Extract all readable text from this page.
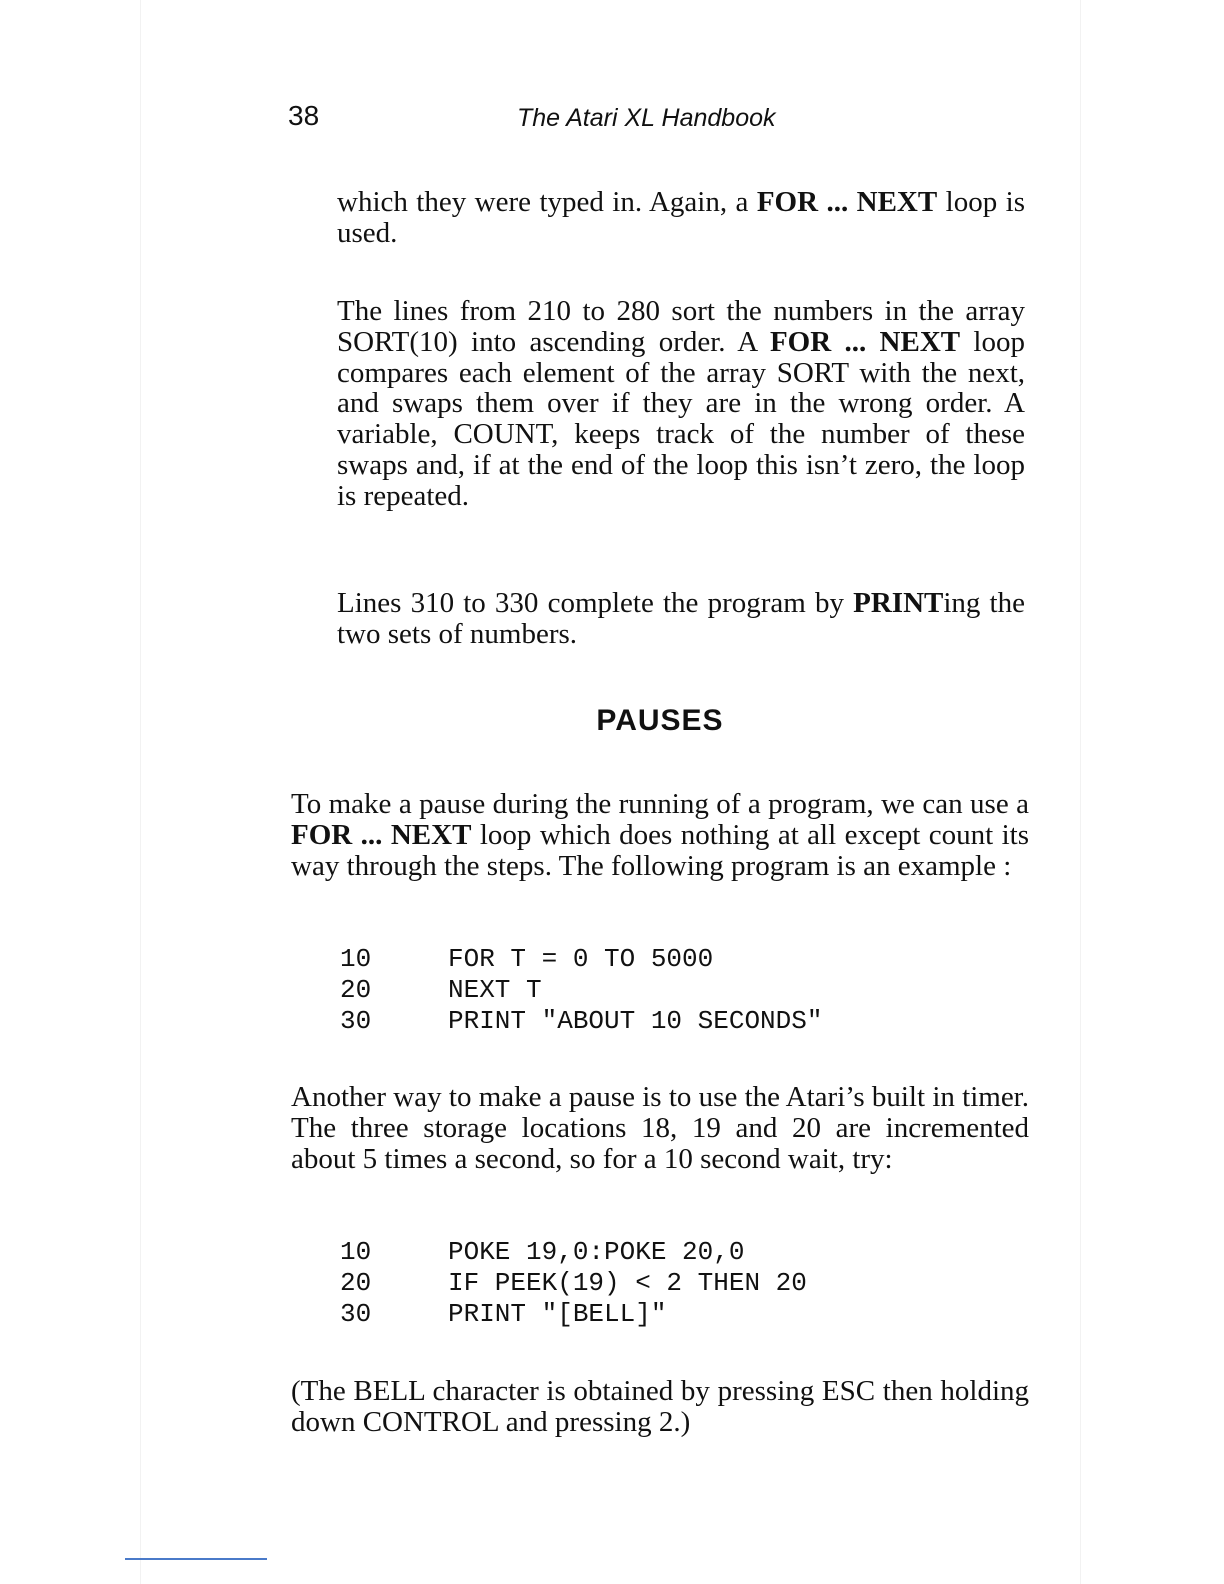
38	The Atari XL Handbook

which they were typed in. Again, a FOR ... NEXT loop is used.

The lines from 210 to 280 sort the numbers in the array SORT(10) into ascending order. A FOR ... NEXT loop compares each element of the array SORT with the next, and swaps them over if they are in the wrong order. A variable, COUNT, keeps track of the number of these swaps and, if at the end of the loop this isn’t zero, the loop is repeated.

Lines 310 to 330 complete the program by PRINTing the two sets of numbers.

PAUSES

To make a pause during the running of a program, we can use a FOR ... NEXT loop which does nothing at all except count its way through the steps. The following program is an example :

10	FOR T = 0 TO 5000
20	NEXT T
30	PRINT "ABOUT 10 SECONDS"

Another way to make a pause is to use the Atari’s built in timer. The three storage locations 18, 19 and 20 are incremented about 5 times a second, so for a 10 second wait, try:

10	POKE 19,0:POKE 20,0
20	IF PEEK(19) < 2 THEN 20
30	PRINT "[BELL]"

(The BELL character is obtained by pressing ESC then holding down CONTROL and pressing 2.)
